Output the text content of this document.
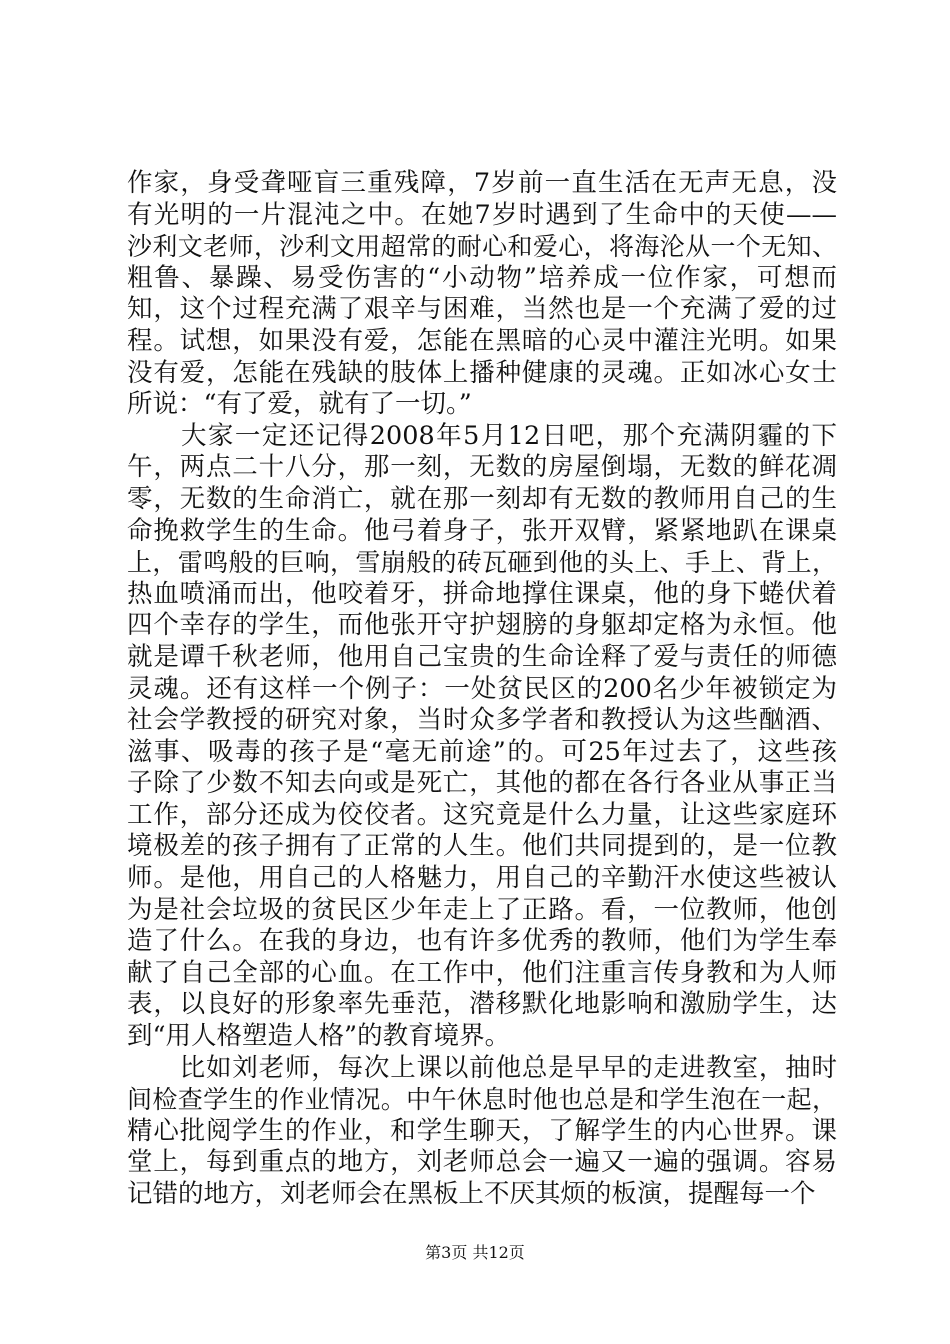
作家，身受聋哑盲三重残障，7岁前一直生活在无声无息，没
有光明的一片混沌之中。在她7岁时遇到了生命中的天使——
沙利文老师，沙利文用超常的耐心和爱心，将海沦从一个无知、
粗鲁、暴躁、易受伤害的“小动物”培养成一位作家，可想而
知，这个过程充满了艰辛与困难，当然也是一个充满了爱的过
程。试想，如果没有爱，怎能在黑暗的心灵中灌注光明。如果
没有爱，怎能在残缺的肢体上播种健康的灵魂。正如冰心女士
所说：“有了爱，就有了一切。”
　　大家一定还记得2008年5月12日吧，那个充满阴霾的下
午，两点二十八分，那一刻，无数的房屋倒塌，无数的鲜花凋
零，无数的生命消亡，就在那一刻却有无数的教师用自己的生
命挽救学生的生命。他弓着身子，张开双臂，紧紧地趴在课桌
上，雷鸣般的巨响，雪崩般的砖瓦砸到他的头上、手上、背上，
热血喷涌而出，他咬着牙，拼命地撑住课桌，他的身下蜷伏着
四个幸存的学生，而他张开守护翅膀的身躯却定格为永恒。他
就是谭千秋老师，他用自己宝贵的生命诠释了爱与责任的师德
灵魂。还有这样一个例子：一处贫民区的200名少年被锁定为
社会学教授的研究对象，当时众多学者和教授认为这些酗酒、
滋事、吸毒的孩子是“毫无前途”的。可25年过去了，这些孩
子除了少数不知去向或是死亡，其他的都在各行各业从事正当
工作，部分还成为佼佼者。这究竟是什么力量，让这些家庭环
境极差的孩子拥有了正常的人生。他们共同提到的，是一位教
师。是他，用自己的人格魅力，用自己的辛勤汗水使这些被认
为是社会垃圾的贫民区少年走上了正路。看，一位教师，他创
造了什么。在我的身边，也有许多优秀的教师，他们为学生奉
献了自己全部的心血。在工作中，他们注重言传身教和为人师
表，以良好的形象率先垂范，潜移默化地影响和激励学生，达
到“用人格塑造人格”的教育境界。
　　比如刘老师，每次上课以前他总是早早的走进教室，抽时
间检查学生的作业情况。中午休息时他也总是和学生泡在一起，
精心批阅学生的作业，和学生聊天，了解学生的内心世界。课
堂上，每到重点的地方，刘老师总会一遍又一遍的强调。容易
记错的地方，刘老师会在黑板上不厌其烦的板演，提醒每一个
第3页 共12页
